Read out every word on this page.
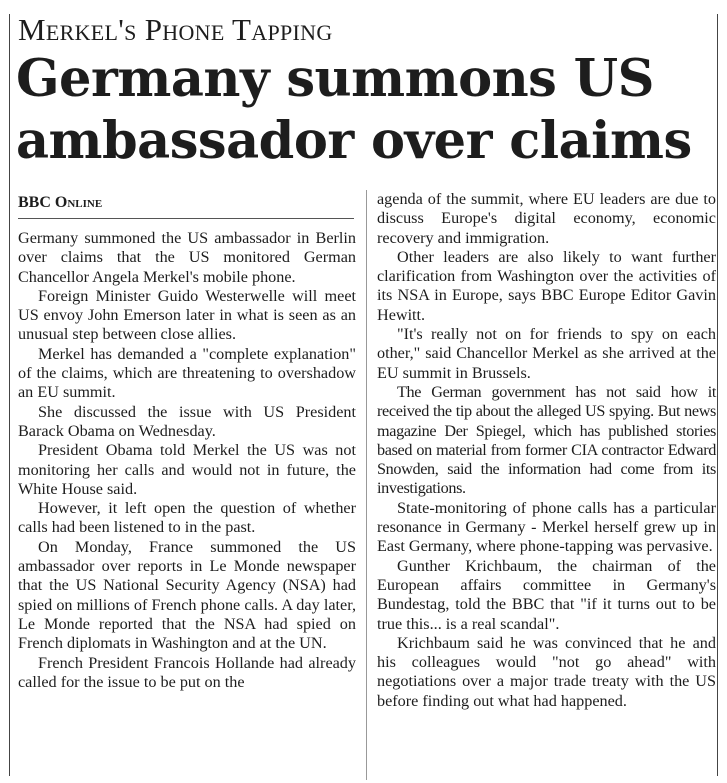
Merkel's Phone Tapping
Germany summons US
ambassador over claims
BBC Online

Germany summoned the US ambassador in Berlin over claims that the US monitored German Chancellor Angela Merkel's mobile phone.

Foreign Minister Guido Westerwelle will meet US envoy John Emerson later in what is seen as an unusual step between close allies.

Merkel has demanded a "complete explanation" of the claims, which are threatening to overshadow an EU summit.

She discussed the issue with US President Barack Obama on Wednesday.

President Obama told Merkel the US was not monitoring her calls and would not in future, the White House said.

However, it left open the question of whether calls had been listened to in the past.

On Monday, France summoned the US ambassador over reports in Le Monde newspaper that the US National Security Agency (NSA) had spied on millions of French phone calls. A day later, Le Monde reported that the NSA had spied on French diplomats in Washington and at the UN.

French President Francois Hollande had already called for the issue to be put on the

agenda of the summit, where EU leaders are due to discuss Europe's digital economy, economic recovery and immigration.

Other leaders are also likely to want further clarification from Washington over the activities of its NSA in Europe, says BBC Europe Editor Gavin Hewitt.

"It's really not on for friends to spy on each other," said Chancellor Merkel as she arrived at the EU summit in Brussels.

The German government has not said how it received the tip about the alleged US spying. But news magazine Der Spiegel, which has published stories based on material from former CIA contractor Edward Snowden, said the information had come from its investigations.

State-monitoring of phone calls has a particular resonance in Germany - Merkel herself grew up in East Germany, where phone-tapping was pervasive.

Gunther Krichbaum, the chairman of the European affairs committee in Germany's Bundestag, told the BBC that "if it turns out to be true this... is a real scandal".

Krichbaum said he was convinced that he and his colleagues would "not go ahead" with negotiations over a major trade treaty with the US before finding out what had happened.
